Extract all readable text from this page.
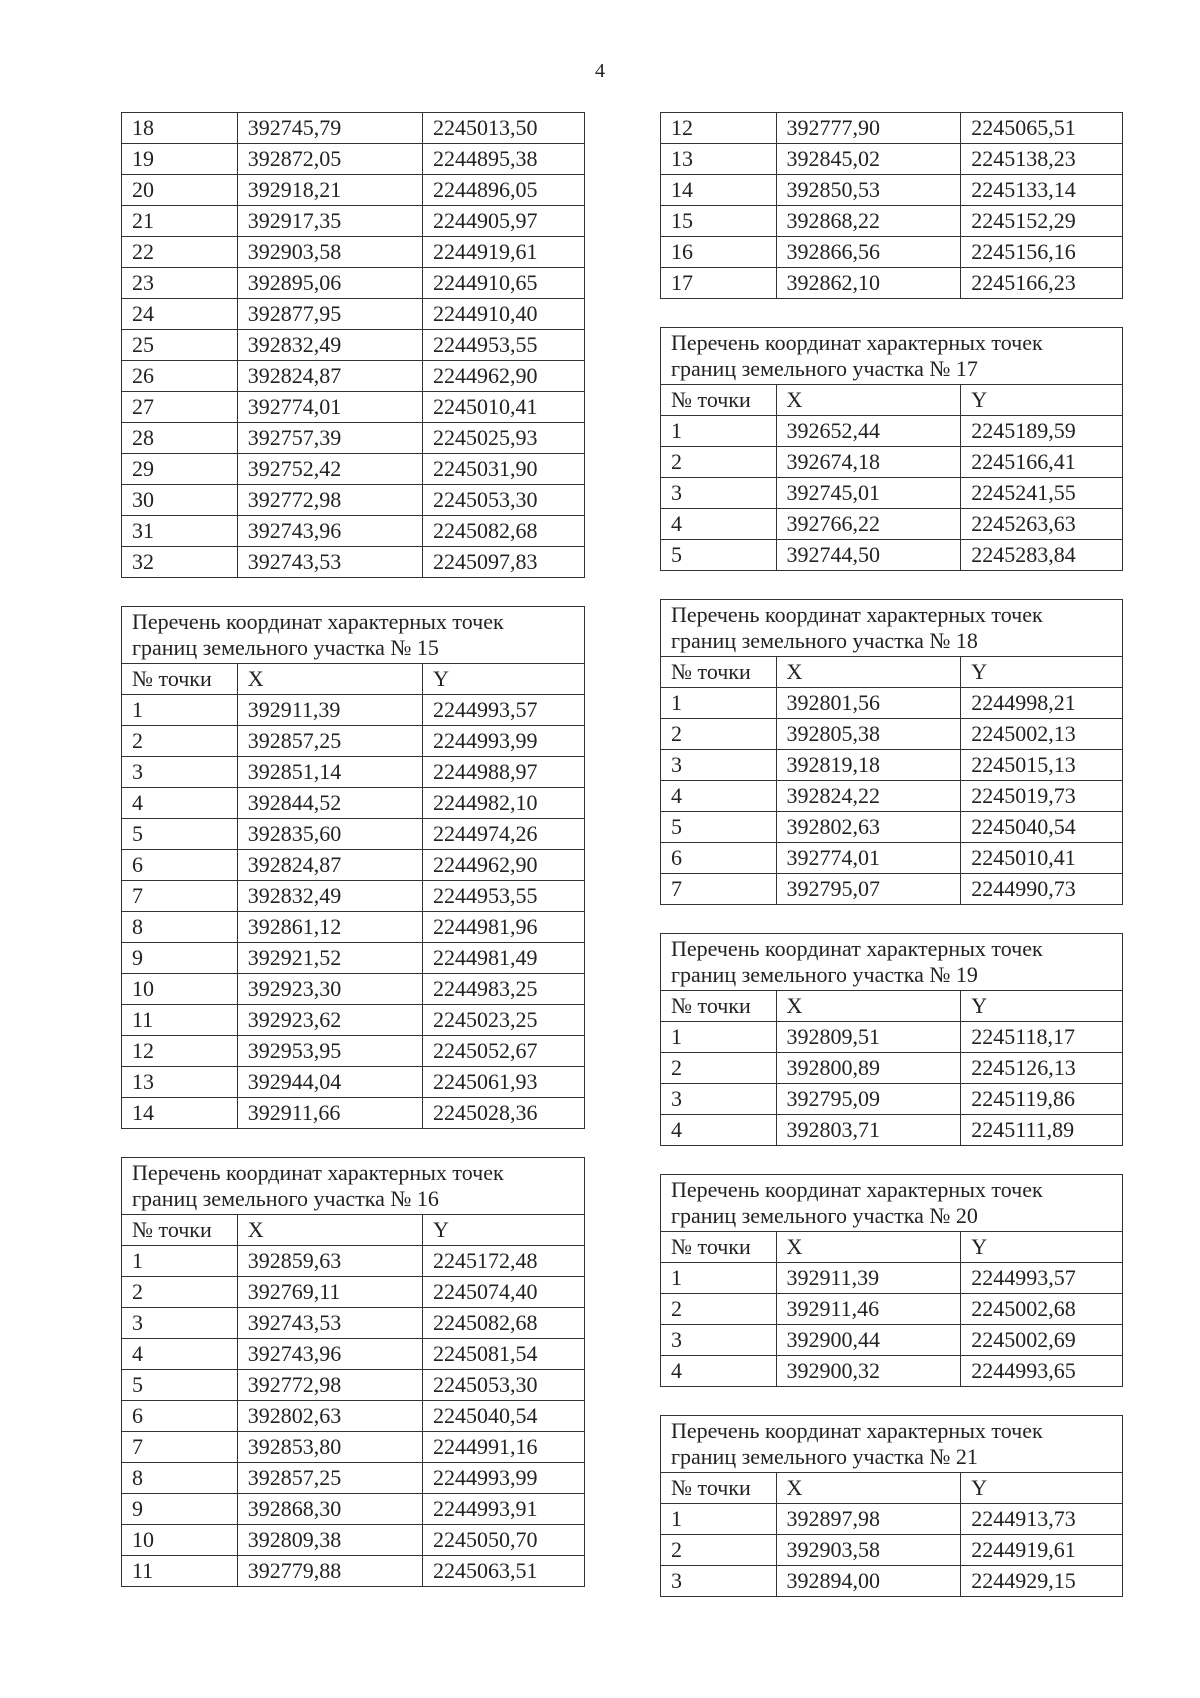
4
18	392745,79	2245013,50
19	392872,05	2244895,38
20	392918,21	2244896,05
21	392917,35	2244905,97
22	392903,58	2244919,61
23	392895,06	2244910,65
24	392877,95	2244910,40
25	392832,49	2244953,55
26	392824,87	2244962,90
27	392774,01	2245010,41
28	392757,39	2245025,93
29	392752,42	2245031,90
30	392772,98	2245053,30
31	392743,96	2245082,68
32	392743,53	2245097,83
Перечень координат характерных точек границ земельного участка № 15		
№ точки	X	Y
1	392911,39	2244993,57
2	392857,25	2244993,99
3	392851,14	2244988,97
4	392844,52	2244982,10
5	392835,60	2244974,26
6	392824,87	2244962,90
7	392832,49	2244953,55
8	392861,12	2244981,96
9	392921,52	2244981,49
10	392923,30	2244983,25
11	392923,62	2245023,25
12	392953,95	2245052,67
13	392944,04	2245061,93
14	392911,66	2245028,36
Перечень координат характерных точек границ земельного участка № 16		
№ точки	X	Y
1	392859,63	2245172,48
2	392769,11	2245074,40
3	392743,53	2245082,68
4	392743,96	2245081,54
5	392772,98	2245053,30
6	392802,63	2245040,54
7	392853,80	2244991,16
8	392857,25	2244993,99
9	392868,30	2244993,91
10	392809,38	2245050,70
11	392779,88	2245063,51
12	392777,90	2245065,51
13	392845,02	2245138,23
14	392850,53	2245133,14
15	392868,22	2245152,29
16	392866,56	2245156,16
17	392862,10	2245166,23
Перечень координат характерных точек границ земельного участка № 17		
№ точки	X	Y
1	392652,44	2245189,59
2	392674,18	2245166,41
3	392745,01	2245241,55
4	392766,22	2245263,63
5	392744,50	2245283,84
Перечень координат характерных точек границ земельного участка № 18		
№ точки	X	Y
1	392801,56	2244998,21
2	392805,38	2245002,13
3	392819,18	2245015,13
4	392824,22	2245019,73
5	392802,63	2245040,54
6	392774,01	2245010,41
7	392795,07	2244990,73
Перечень координат характерных точек границ земельного участка № 19		
№ точки	X	Y
1	392809,51	2245118,17
2	392800,89	2245126,13
3	392795,09	2245119,86
4	392803,71	2245111,89
Перечень координат характерных точек границ земельного участка № 20		
№ точки	X	Y
1	392911,39	2244993,57
2	392911,46	2245002,68
3	392900,44	2245002,69
4	392900,32	2244993,65
Перечень координат характерных точек границ земельного участка № 21		
№ точки	X	Y
1	392897,98	2244913,73
2	392903,58	2244919,61
3	392894,00	2244929,15
